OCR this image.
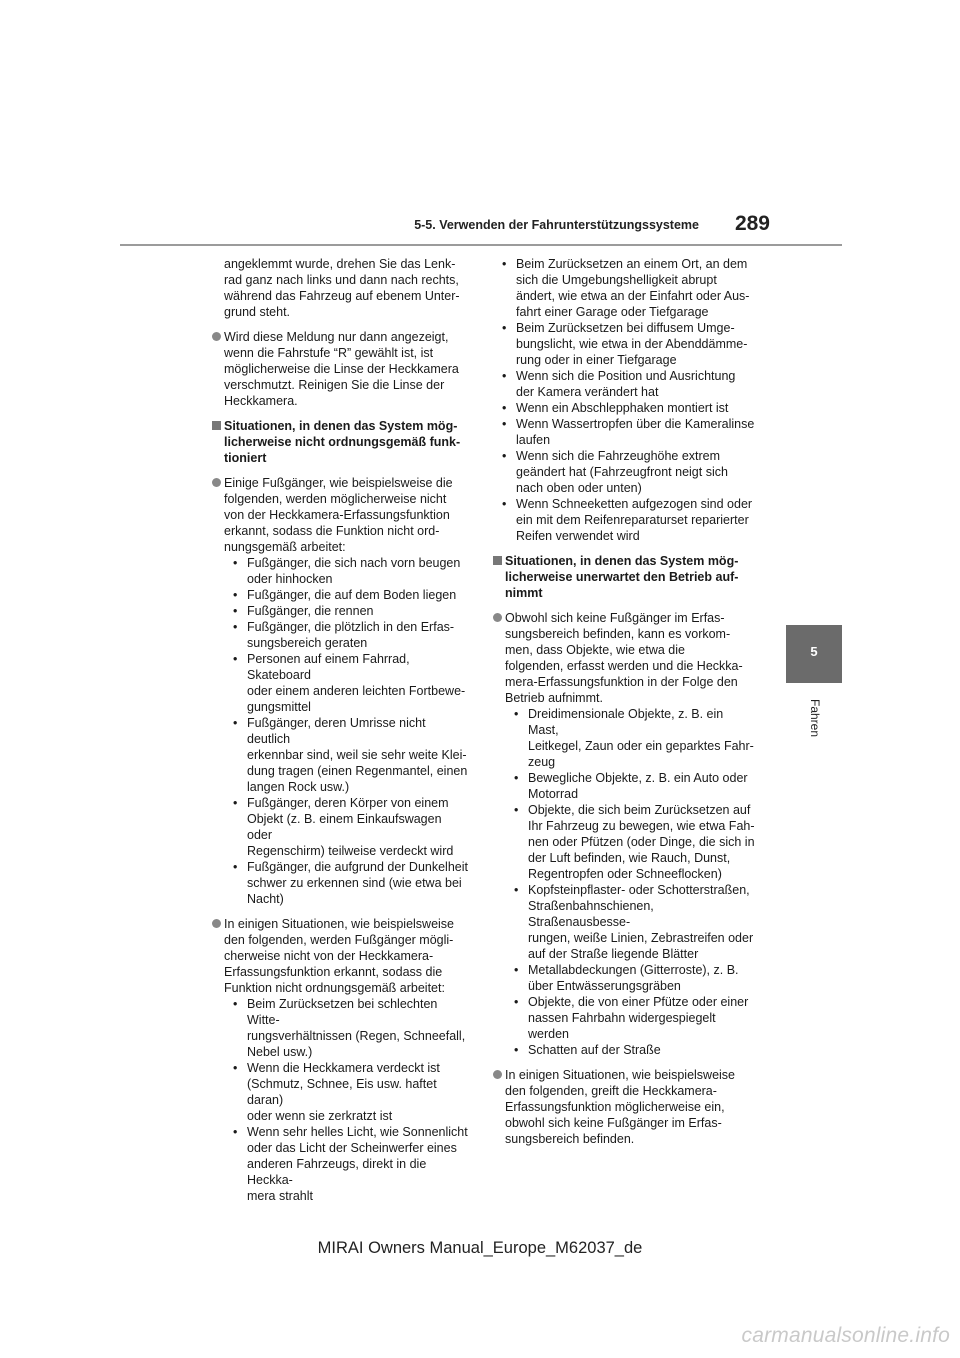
5-5. Verwenden der Fahrunterstützungssysteme	289
5
Fahren
angeklemmt wurde, drehen Sie das Lenk-
rad ganz nach links und dann nach rechts,
während das Fahrzeug auf ebenem Unter-
grund steht.
Wird diese Meldung nur dann angezeigt,
wenn die Fahrstufe “R” gewählt ist, ist
möglicherweise die Linse der Heckkamera
verschmutzt. Reinigen Sie die Linse der
Heckkamera.
Situationen, in denen das System mög-
licherweise nicht ordnungsgemäß funk-
tioniert
Einige Fußgänger, wie beispielsweise die
folgenden, werden möglicherweise nicht
von der Heckkamera-Erfassungsfunktion
erkannt, sodass die Funktion nicht ord-
nungsgemäß arbeitet:
• Fußgänger, die sich nach vorn beugen
oder hinhocken
• Fußgänger, die auf dem Boden liegen
• Fußgänger, die rennen
• Fußgänger, die plötzlich in den Erfas-
sungsbereich geraten
• Personen auf einem Fahrrad, Skateboard
oder einem anderen leichten Fortbewe-
gungsmittel
• Fußgänger, deren Umrisse nicht deutlich
erkennbar sind, weil sie sehr weite Klei-
dung tragen (einen Regenmantel, einen
langen Rock usw.)
• Fußgänger, deren Körper von einem
Objekt (z. B. einem Einkaufswagen oder
Regenschirm) teilweise verdeckt wird
• Fußgänger, die aufgrund der Dunkelheit
schwer zu erkennen sind (wie etwa bei
Nacht)
In einigen Situationen, wie beispielsweise
den folgenden, werden Fußgänger mögli-
cherweise nicht von der Heckkamera-
Erfassungsfunktion erkannt, sodass die
Funktion nicht ordnungsgemäß arbeitet:
• Beim Zurücksetzen bei schlechten Witte-
rungsverhältnissen (Regen, Schneefall,
Nebel usw.)
• Wenn die Heckkamera verdeckt ist
(Schmutz, Schnee, Eis usw. haftet daran)
oder wenn sie zerkratzt ist
• Wenn sehr helles Licht, wie Sonnenlicht
oder das Licht der Scheinwerfer eines
anderen Fahrzeugs, direkt in die Heckka-
mera strahlt
• Beim Zurücksetzen an einem Ort, an dem
sich die Umgebungshelligkeit abrupt
ändert, wie etwa an der Einfahrt oder Aus-
fahrt einer Garage oder Tiefgarage
• Beim Zurücksetzen bei diffusem Umge-
bungslicht, wie etwa in der Abenddämme-
rung oder in einer Tiefgarage
• Wenn sich die Position und Ausrichtung
der Kamera verändert hat
• Wenn ein Abschlepphaken montiert ist
• Wenn Wassertropfen über die Kameralinse
laufen
• Wenn sich die Fahrzeughöhe extrem
geändert hat (Fahrzeugfront neigt sich
nach oben oder unten)
• Wenn Schneeketten aufgezogen sind oder
ein mit dem Reifenreparaturset reparierter
Reifen verwendet wird
Situationen, in denen das System mög-
licherweise unerwartet den Betrieb auf-
nimmt
Obwohl sich keine Fußgänger im Erfas-
sungsbereich befinden, kann es vorkom-
men, dass Objekte, wie etwa die
folgenden, erfasst werden und die Heckka-
mera-Erfassungsfunktion in der Folge den
Betrieb aufnimmt.
• Dreidimensionale Objekte, z. B. ein Mast,
Leitkegel, Zaun oder ein geparktes Fahr-
zeug
• Bewegliche Objekte, z. B. ein Auto oder
Motorrad
• Objekte, die sich beim Zurücksetzen auf
Ihr Fahrzeug zu bewegen, wie etwa Fah-
nen oder Pfützen (oder Dinge, die sich in
der Luft befinden, wie Rauch, Dunst,
Regentropfen oder Schneeflocken)
• Kopfsteinpflaster- oder Schotterstraßen,
Straßenbahnschienen, Straßenausbesse-
rungen, weiße Linien, Zebrastreifen oder
auf der Straße liegende Blätter
• Metallabdeckungen (Gitterroste), z. B.
über Entwässerungsgräben
• Objekte, die von einer Pfütze oder einer
nassen Fahrbahn widergespiegelt werden
• Schatten auf der Straße
In einigen Situationen, wie beispielsweise
den folgenden, greift die Heckkamera-
Erfassungsfunktion möglicherweise ein,
obwohl sich keine Fußgänger im Erfas-
sungsbereich befinden.
MIRAI Owners Manual_Europe_M62037_de
carmanualsonline.info
